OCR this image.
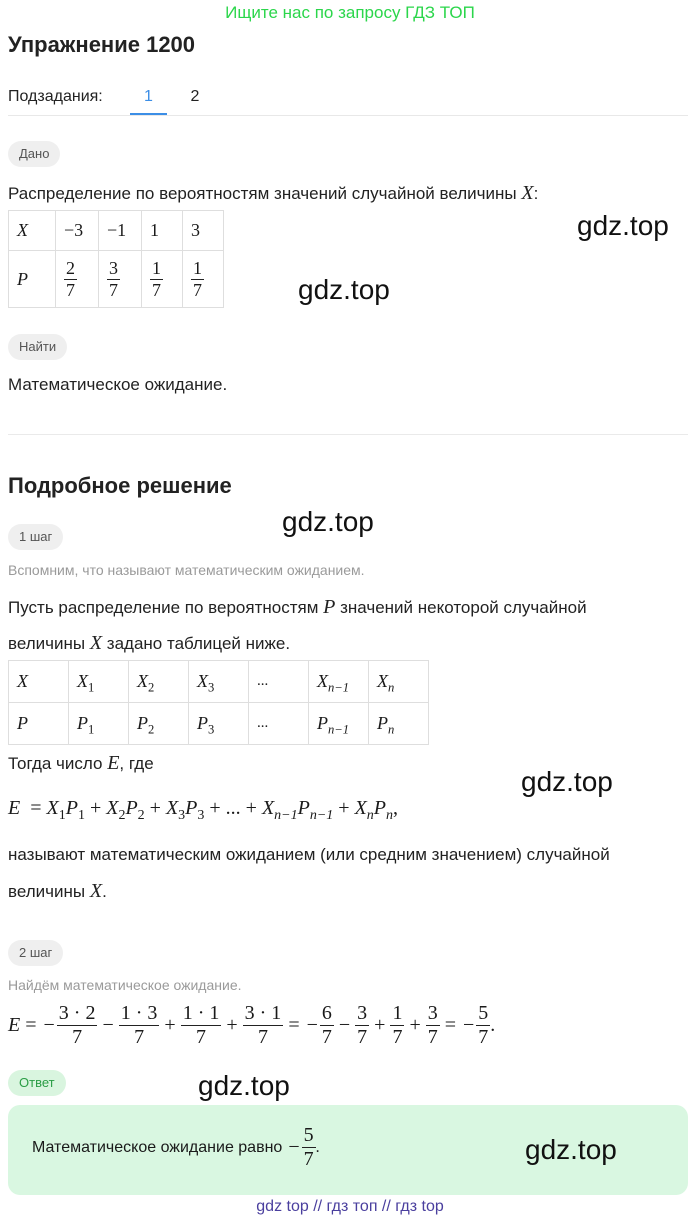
Ищите нас по запросу ГДЗ ТОП
Упражнение 1200
Подзадания:	1	2
Дано
Распределение по вероятностям значений случайной величины X:
X	−3	−1	1	3
P	$\frac{2}{7}$	$\frac{3}{7}$	$\frac{1}{7}$	$\frac{1}{7}$
Найти
Математическое ожидание.
Подробное решение
1 шаг
Вспомним, что называют математическим ожиданием.
Пусть распределение по вероятностям P значений некоторой случайной
величины X задано таблицей ниже.
X	$X_1$	$X_2$	$X_3$	...	$X_{n-1}$	$X_n$
P	$P_1$	$P_2$	$P_3$	...	$P_{n-1}$	$P_n$
Тогда число E, где
$E = X_1P_1 + X_2P_2 + X_3P_3$ + ... + $X_{n-1}P_{n-1} + X_nP_n$,
называют математическим ожиданием (или средним значением) случайной
величины X.
2 шаг
Найдём математическое ожидание.
E = − $\frac{3 \cdot 2}{7} - \frac{1 \cdot 3}{7} + \frac{1 \cdot 1}{7} + \frac{3 \cdot 1}{7}$ = − $\frac{6}{7} - \frac{3}{7} + \frac{1}{7} + \frac{3}{7}$ = − $\frac{5}{7}$ .
Ответ
Математическое ожидание равно − $\frac{5}{7}$ .
gdz.top
gdz.top
gdz.top
gdz.top
gdz.top
gdz.top
gdz top // гдз топ // гдз top
